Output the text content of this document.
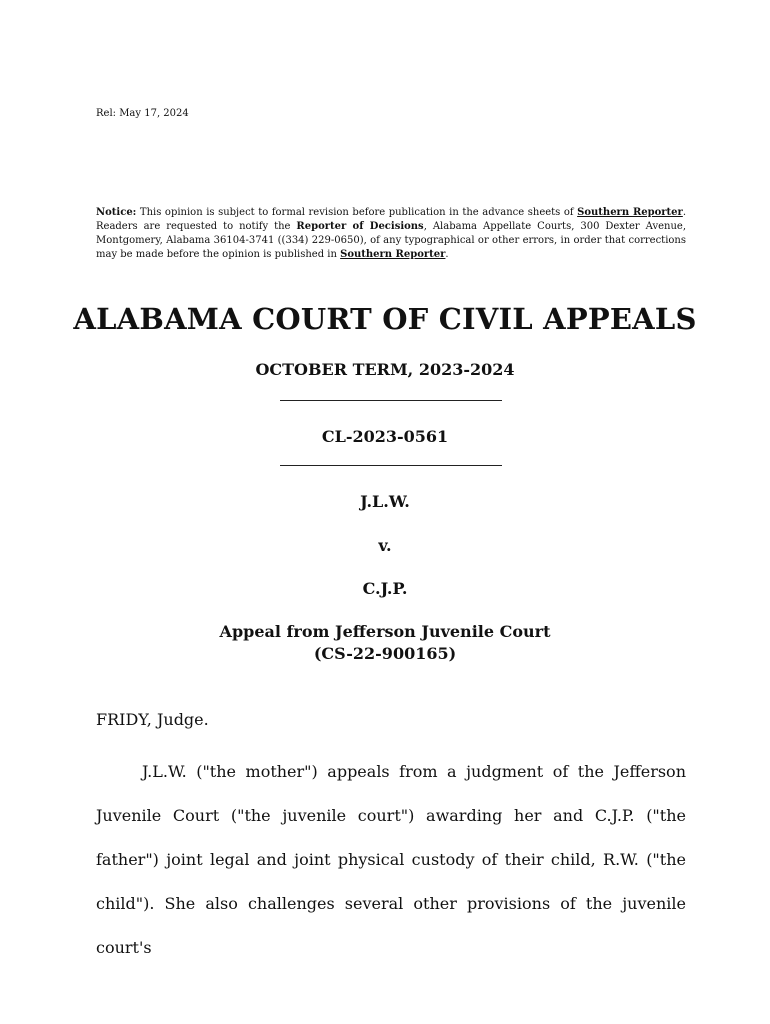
Rel: May 17, 2024
Notice: This opinion is subject to formal revision before publication in the advance sheets of Southern Reporter. Readers are requested to notify the Reporter of Decisions, Alabama Appellate Courts, 300 Dexter Avenue, Montgomery, Alabama 36104-3741 ((334) 229-0650), of any typographical or other errors, in order that corrections may be made before the opinion is published in Southern Reporter.
ALABAMA COURT OF CIVIL APPEALS
OCTOBER TERM, 2023-2024
CL-2023-0561
J.L.W.
v.
C.J.P.
Appeal from Jefferson Juvenile Court
(CS-22-900165)
FRIDY, Judge.
J.L.W. ("the mother") appeals from a judgment of the Jefferson Juvenile Court ("the juvenile court") awarding her and C.J.P. ("the father") joint legal and joint physical custody of their child, R.W. ("the child"). She also challenges several other provisions of the juvenile court's
